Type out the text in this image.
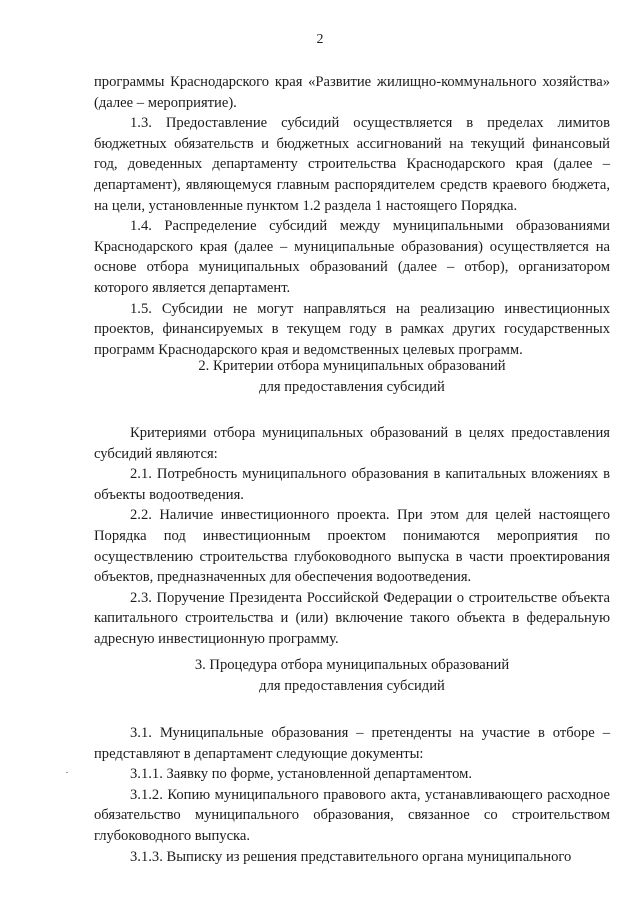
2

программы Краснодарского края «Развитие жилищно-коммунального хозяйства» (далее – мероприятие).

1.3. Предоставление субсидий осуществляется в пределах лимитов бюджетных обязательств и бюджетных ассигнований на текущий финансовый год, доведенных департаменту строительства Краснодарского края (далее – департамент), являющемуся главным распорядителем средств краевого бюджета, на цели, установленные пунктом 1.2 раздела 1 настоящего Порядка.

1.4. Распределение субсидий между муниципальными образованиями Краснодарского края (далее – муниципальные образования) осуществляется на основе отбора муниципальных образований (далее – отбор), организатором которого является департамент.

1.5. Субсидии не могут направляться на реализацию инвестиционных проектов, финансируемых в текущем году в рамках других государственных программ Краснодарского края и ведомственных целевых программ.

2. Критерии отбора муниципальных образований

для предоставления субсидий

Критериями отбора муниципальных образований в целях предоставления субсидий являются:

2.1. Потребность муниципального образования в капитальных вложениях в объекты водоотведения.

2.2. Наличие инвестиционного проекта. При этом для целей настоящего Порядка под инвестиционным проектом понимаются мероприятия по осуществлению строительства глубоководного выпуска в части проектирования объектов, предназначенных для обеспечения водоотведения.

2.3. Поручение Президента Российской Федерации о строительстве объекта капитального строительства и (или) включение такого объекта в федеральную адресную инвестиционную программу.

3. Процедура отбора муниципальных образований

для предоставления субсидий

3.1. Муниципальные образования – претенденты на участие в отборе – представляют в департамент следующие документы:

3.1.1. Заявку по форме, установленной департаментом.

3.1.2. Копию муниципального правового акта, устанавливающего расходное обязательство муниципального образования, связанное со строительством глубоководного выпуска.

3.1.3. Выписку из решения представительного органа муниципального
